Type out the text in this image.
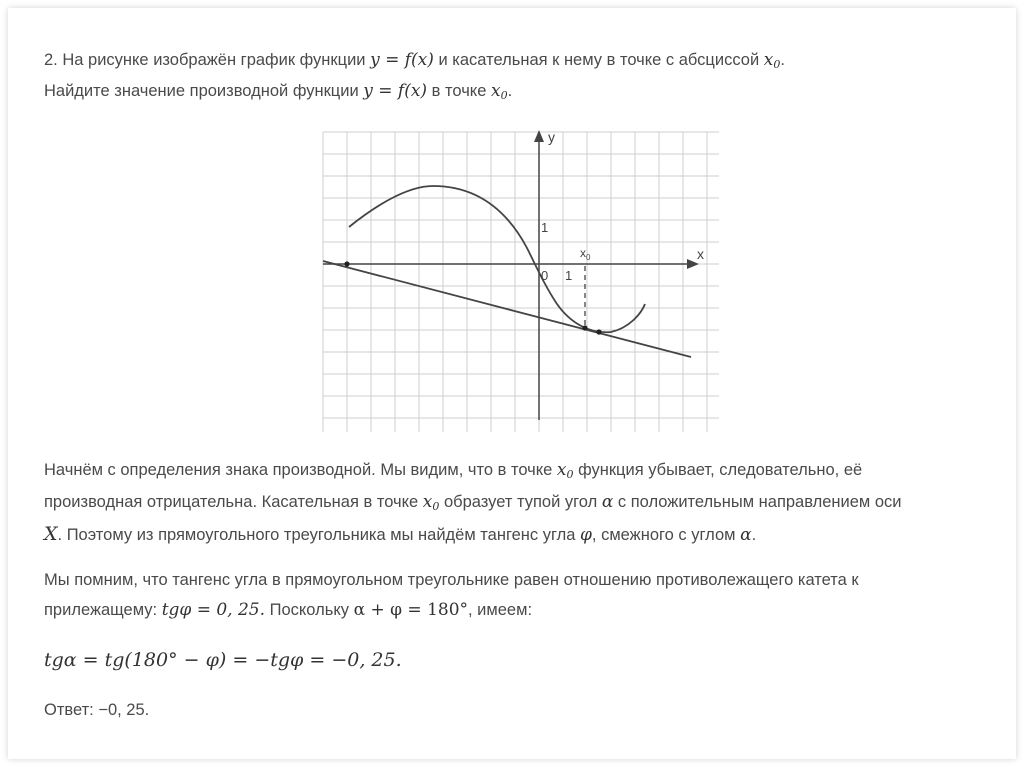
2. На рисунке изображён график функции y = f(x) и касательная к нему в точке с абсциссой $x_0$.
Найдите значение производной функции y = f(x) в точке $x_0$.
y
x
1
0 1
$x_0$
Начнём с определения знака производной. Мы видим, что в точке $x_0$ функция убывает, следовательно, её
производная отрицательна. Касательная в точке $x_0$ образует тупой угол α с положительным направлением оси
X. Поэтому из прямоугольного треугольника мы найдём тангенс угла φ, смежного с углом α.
Мы помним, что тангенс угла в прямоугольном треугольнике равен отношению противолежащего катета к
прилежащему: tgφ = 0, 25. Поскольку α + φ = 180°, имеем:
tgα = tg(180° − φ) = −tgφ = −0, 25.
Ответ: −0, 25.
